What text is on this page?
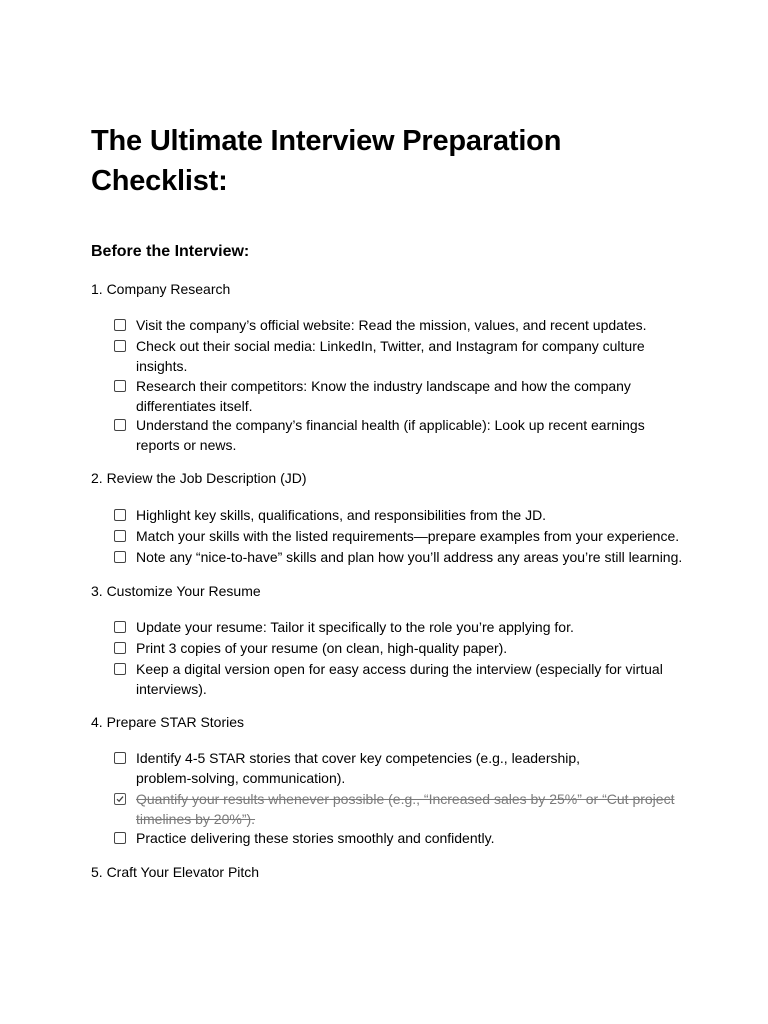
The Ultimate Interview Preparation
Checklist:
Before the Interview:
1. Company Research
Visit the company’s official website: Read the mission, values, and recent updates.
Check out their social media: LinkedIn, Twitter, and Instagram for company culture
insights.
Research their competitors: Know the industry landscape and how the company
differentiates itself.
Understand the company’s financial health (if applicable): Look up recent earnings
reports or news.
2. Review the Job Description (JD)
Highlight key skills, qualifications, and responsibilities from the JD.
Match your skills with the listed requirements—prepare examples from your experience.
Note any “nice-to-have” skills and plan how you’ll address any areas you’re still learning.
3. Customize Your Resume
Update your resume: Tailor it specifically to the role you’re applying for.
Print 3 copies of your resume (on clean, high-quality paper).
Keep a digital version open for easy access during the interview (especially for virtual
interviews).
4. Prepare STAR Stories
Identify 4-5 STAR stories that cover key competencies (e.g., leadership,
problem-solving, communication).
Quantify your results whenever possible (e.g., “Increased sales by 25%” or “Cut project
timelines by 20%”).
Practice delivering these stories smoothly and confidently.
5. Craft Your Elevator Pitch
